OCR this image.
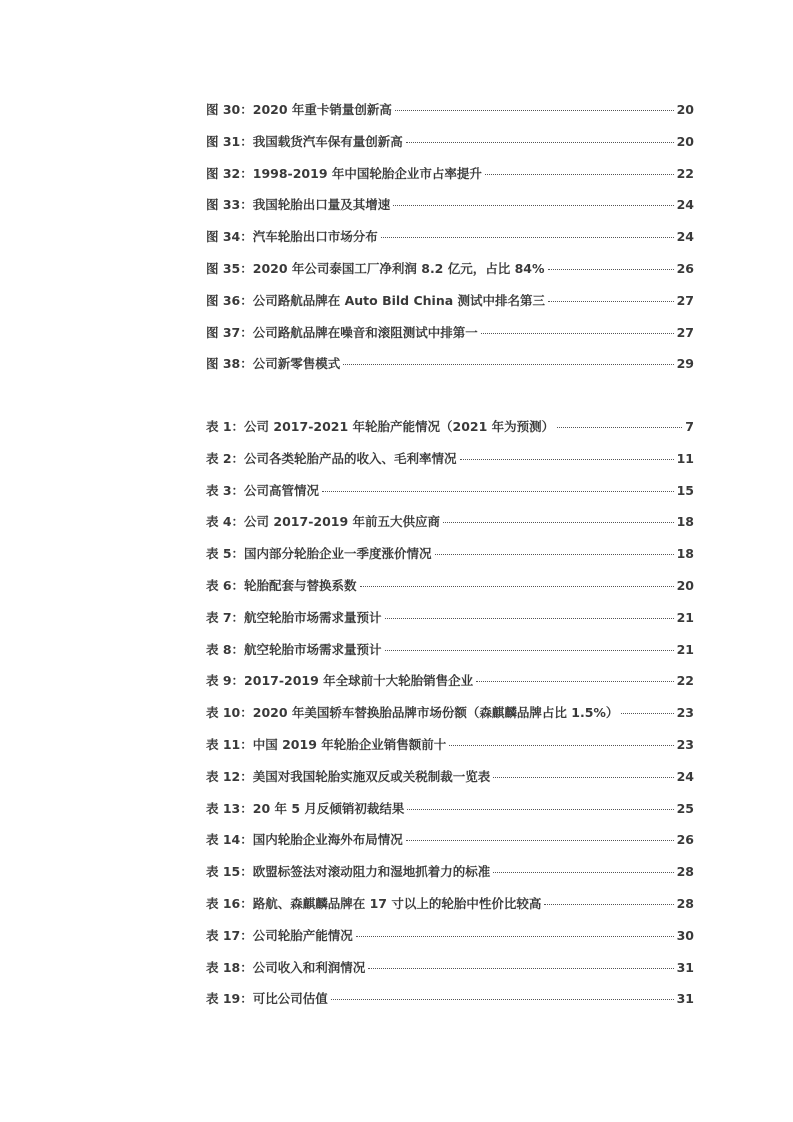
图 30：2020 年重卡销量创新高	20
图 31：我国载货汽车保有量创新高	20
图 32：1998-2019 年中国轮胎企业市占率提升	22
图 33：我国轮胎出口量及其增速	24
图 34：汽车轮胎出口市场分布	24
图 35：2020 年公司泰国工厂净利润 8.2 亿元，占比 84%	26
图 36：公司路航品牌在 Auto Bild China 测试中排名第三	27
图 37：公司路航品牌在噪音和滚阻测试中排第一	27
图 38：公司新零售模式	29
表 1：公司 2017-2021 年轮胎产能情况（2021 年为预测）	7
表 2：公司各类轮胎产品的收入、毛利率情况	11
表 3：公司高管情况	15
表 4：公司 2017-2019 年前五大供应商	18
表 5：国内部分轮胎企业一季度涨价情况	18
表 6：轮胎配套与替换系数	20
表 7：航空轮胎市场需求量预计	21
表 8：航空轮胎市场需求量预计	21
表 9：2017-2019 年全球前十大轮胎销售企业	22
表 10：2020 年美国轿车替换胎品牌市场份额（森麒麟品牌占比 1.5%）	23
表 11：中国 2019 年轮胎企业销售额前十	23
表 12：美国对我国轮胎实施双反或关税制裁一览表	24
表 13：20 年 5 月反倾销初裁结果	25
表 14：国内轮胎企业海外布局情况	26
表 15：欧盟标签法对滚动阻力和湿地抓着力的标准	28
表 16：路航、森麒麟品牌在 17 寸以上的轮胎中性价比较高	28
表 17：公司轮胎产能情况	30
表 18：公司收入和利润情况	31
表 19：可比公司估值	31
